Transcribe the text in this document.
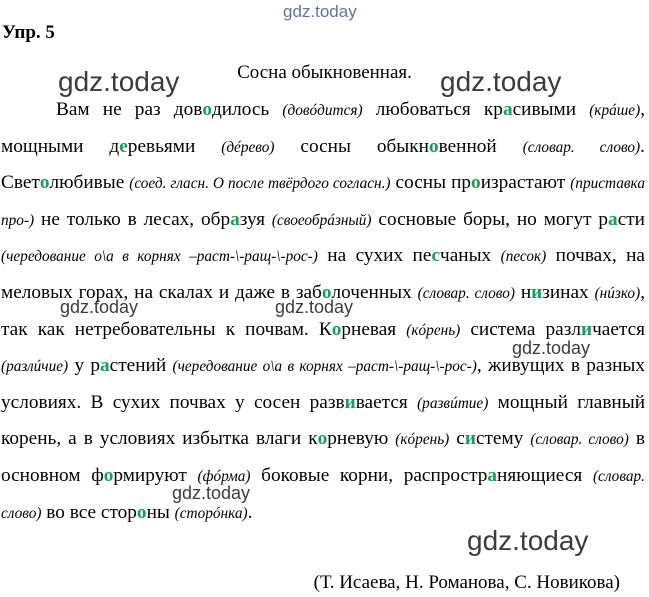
gdz.today
Упр. 5
gdz.today	gdz.today
Сосна обыкновенная.
Вам не раз доводилось (довóдится) любоваться красивыми (крáше), мощными деревьями (дéрево) сосны обыкновенной (словар. слово). Светолюбивые (соед. гласн. О после твёрдого согласн.) сосны произрастают (приставка про-) не только в лесах, образуя (своеобрáзный) сосновые боры, но могут расти (чередование о\а в корнях –раст-\-ращ-\-рос-) на сухих песчаных (песок) почвах, на меловых горах, на скалах и даже в заболоченных (словар. слово) низинах (нúзко), так как нетребовательны к почвам. Корневая (кóрень) система различается (разлúчие) у растений (чередование о\а в корнях –раст-\-ращ-\-рос-), живущих в разных условиях. В сухих почвах у сосен развивается (развúтие) мощный главный корень, а в условиях избытка влаги корневую (кóрень) систему (словар. слово) в основном формируют (фóрма) боковые корни, распространяющиеся (словар. слово) во все стороны (сторóнка).
gdz.today	gdz.today
gdz.today
gdz.today
gdz.today
(Т. Исаева, Н. Романова, С. Новикова)
